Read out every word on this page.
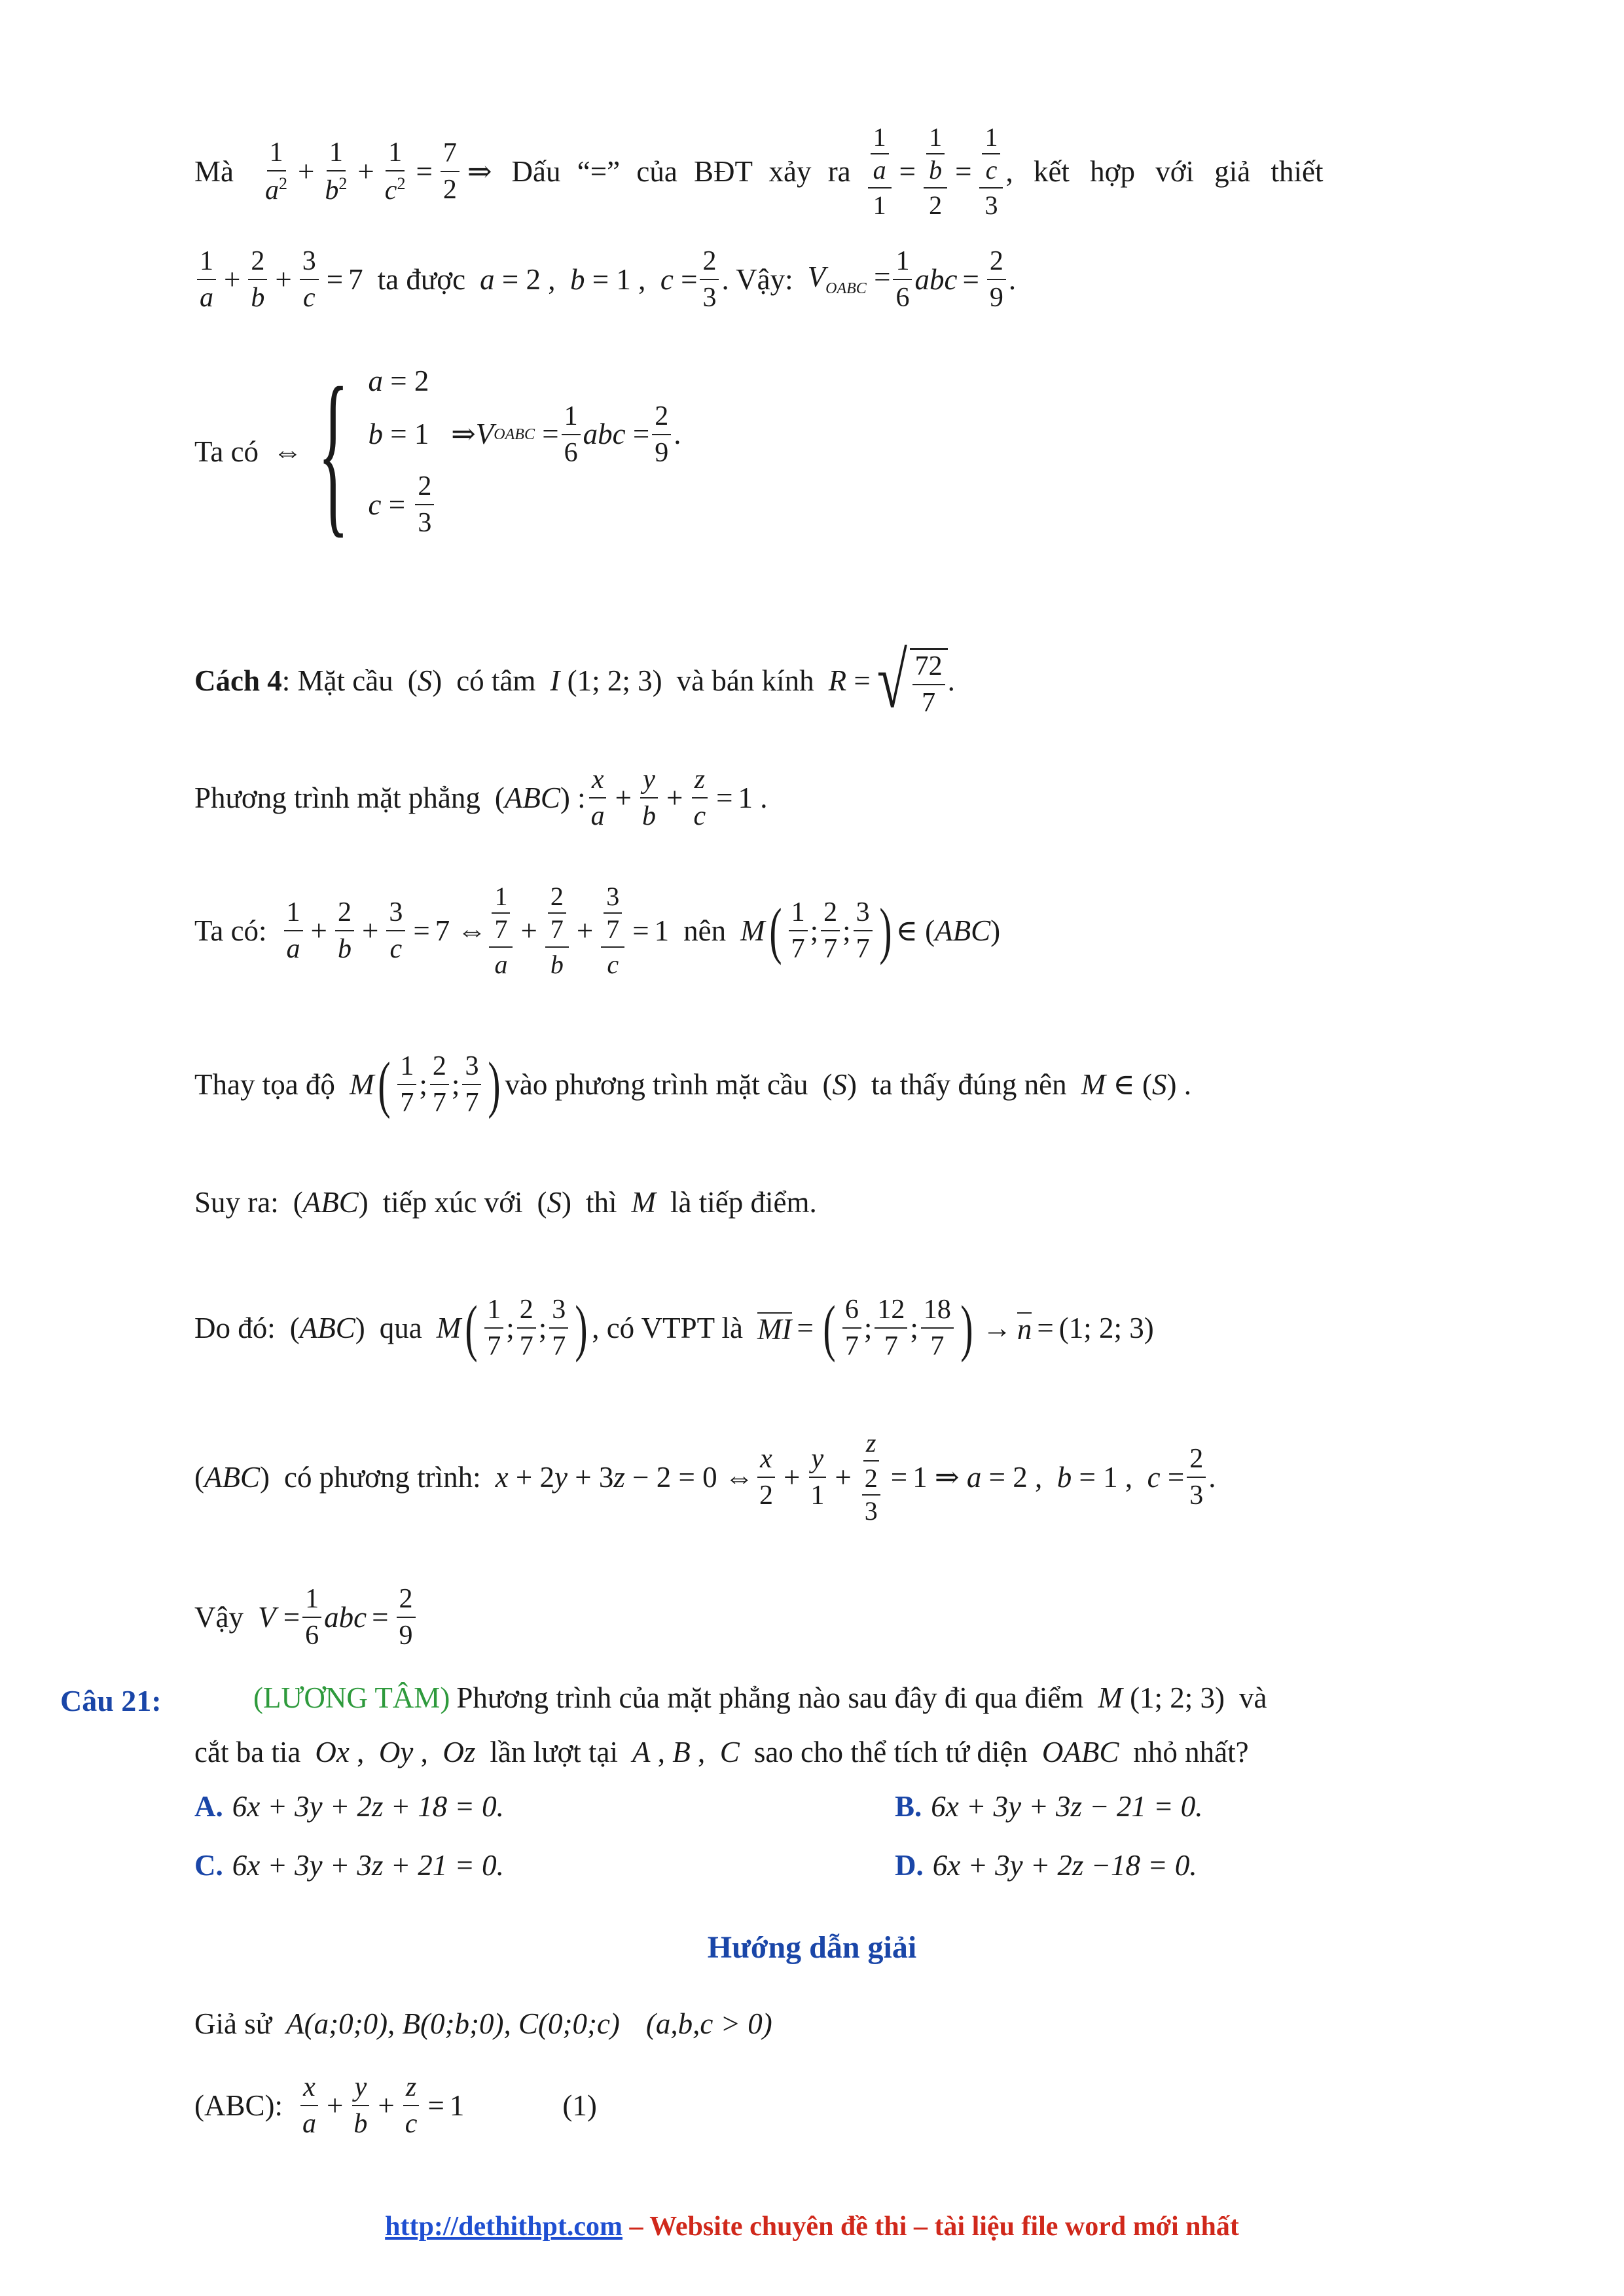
Mà
1
$a^2 + \frac{1}{b^2} + \frac{1}{c^2} = \frac{7}{2}$ ⇒ Dấu “=” của BĐT xảy ra $\frac{\frac{1}{a}}{1} = \frac{\frac{1}{b}}{2} = \frac{\frac{1}{c}}{3}$ , kết hợp với giả thiết
1
a
+ $\frac{2}{b} + \frac{3}{c} = 7$ ta được a = 2 ,  b = 1 ,  $c = \frac{2}{3}$ . Vậy: $V_{OABC} = \frac{1}{6}$ abc = $\frac{2}{9}$ .
Ta có ⇔ { a = 2
b = 1   ⇒ V OABC =
1
6
abc =
2
9
.
c =
2
3
Cách 4 : Mặt cầu (S) có tâm I (1; 2; 3) và bán kính R = √ $\frac{72}{7}$ .
Phương trình mặt phẳng (ABC) :
x
a
+ $\frac{y}{b} + \frac{z}{c} = 1$ .
Ta có:
1
a
+ $\frac{2}{b} + \frac{3}{c} = 7$ ⇔ $\frac{1}{7}$
a
+ $\frac{\frac{2}{7}}{b} + \frac{\frac{3}{7}}{c} = 1$ nên M ( 1
7
;
2
7
;
3
7 ) ∈ (ABC)
Thay tọa độ M ( 1
7
;
2
7
;
3
7 ) vào phương trình mặt cầu (S) ta thấy đúng nên M ∈ (S) .
Suy ra: (ABC) tiếp xúc với (S) thì M là tiếp điểm.
Do đó: (ABC) qua M ( 1
7
;
2
7
;
3
7 ) , có VTPT là MI = ( 6
7
;
12
7
;
18
7 ) → n = (1; 2; 3)
(ABC) có phương trình: x + 2y + 3z − 2 = 0 ⇔
x
2
+ $\frac{y}{1} + \frac{z}{\frac{2}{3}} = 1$ ⇒ a = 2 ,  b = 1 ,  $c = \frac{2}{3}$ .
Vậy $V = \frac{1}{6}$ abc = $\frac{2}{9}$
Câu 21:	(LƯƠNG TÂM) Phương trình của mặt phẳng nào sau đây đi qua điểm M (1; 2; 3) và
cắt ba tia Ox ,  Oy ,  Oz lần lượt tại A , B ,  C sao cho thể tích tứ diện OABC nhỏ nhất?
A. 6x + 3y + 2z + 18 = 0.	B. 6x + 3y + 3z − 21 = 0.
C. 6x + 3y + 3z + 21 = 0.	D. 6x + 3y + 2z −18 = 0.
Hướng dẫn giải
Giả sử A(a;0;0), B(0;b;0), C(0;0;c) (a,b,c > 0)
(ABC):
x
a
+ $\frac{y}{b} + \frac{z}{c} = 1$	(1)
http://dethithpt.com – Website chuyên đề thi – tài liệu file word mới nhất
